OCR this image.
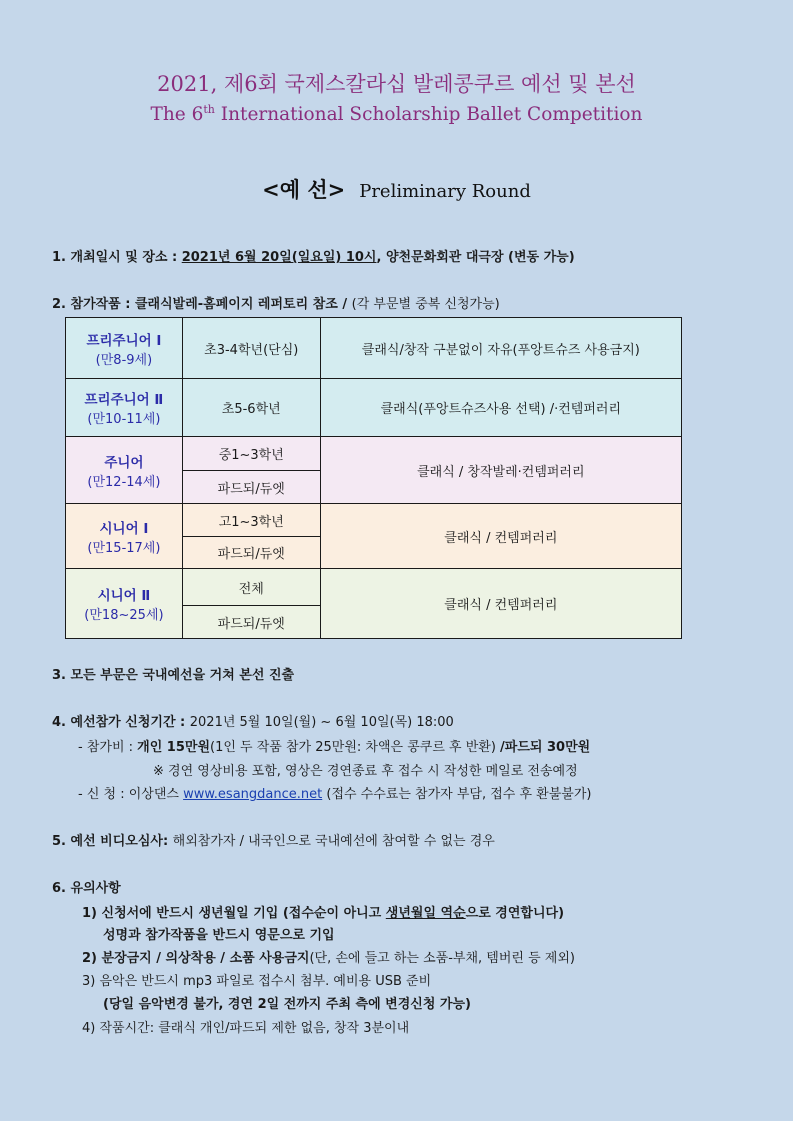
2021, 제6회 국제스칼라십 발레콩쿠르 예선 및 본선
The 6th International Scholarship Ballet Competition
<예 선> Preliminary Round
1. 개최일시 및 장소 : 2021년 6월 20일(일요일) 10시, 양천문화회관 대극장 (변동 가능)
2. 참가작품 : 클래식발레-홈페이지 레퍼토리 참조 / (각 부문별 중복 신청가능)
프리주니어 Ⅰ
(만8-9세)	초3-4학년(단심)	클래식/창작 구분없이 자유(푸앙트슈즈 사용금지)

프리주니어 Ⅱ
(만10-11세)	초5-6학년	클래식(푸앙트슈즈사용 선택) /·컨템퍼러리

주니어
(만12-14세)	중1~3학년	클래식 / 창작발레·컨템퍼러리
	파드되/듀엣	

시니어 Ⅰ
(만15-17세)	고1~3학년	클래식 / 컨템퍼러리
	파드되/듀엣	

시니어 Ⅱ
(만18~25세)	전체	클래식 / 컨템퍼러리
	파드되/듀엣	
3. 모든 부문은 국내예선을 거쳐 본선 진출
4. 예선참가 신청기간 : 2021년 5월 10일(월) ~ 6월 10일(목) 18:00
- 참가비 : 개인 15만원(1인 두 작품 참가 25만원: 차액은 콩쿠르 후 반환) /파드되 30만원
※ 경연 영상비용 포함, 영상은 경연종료 후 접수 시 작성한 메일로 전송예정
- 신 청 : 이상댄스 www.esangdance.net (접수 수수료는 참가자 부담, 접수 후 환불불가)
5. 예선 비디오심사: 해외참가자 / 내국인으로 국내예선에 참여할 수 없는 경우
6. 유의사항
1) 신청서에 반드시 생년월일 기입 (접수순이 아니고 생년월일 역순으로 경연합니다)
성명과 참가작품을 반드시 영문으로 기입
2) 분장금지 / 의상착용 / 소품 사용금지(단, 손에 들고 하는 소품-부채, 템버린 등 제외)
3) 음악은 반드시 mp3 파일로 접수시 첨부. 예비용 USB 준비
(당일 음악변경 불가, 경연 2일 전까지 주최 측에 변경신청 가능)
4) 작품시간: 클래식 개인/파드되 제한 없음, 창작 3분이내
